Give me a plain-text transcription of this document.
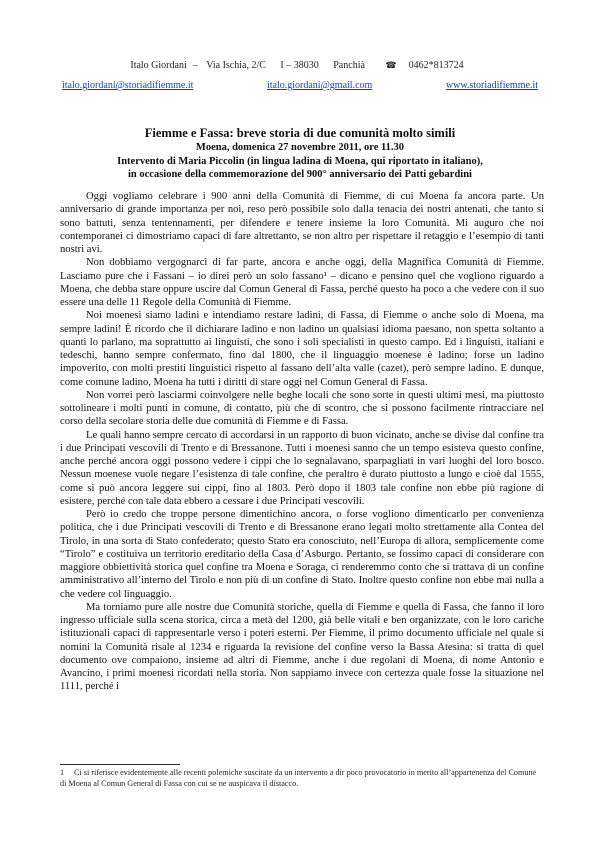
Italo Giordani – Via Ischia, 2/C I – 38030 Panchià ☎ 0462*813724
italo.giordani@storiadifiemme.it	italo.giordani@gmail.com	www.storiadifiemme.it
Fiemme e Fassa: breve storia di due comunità molto simili
Moena, domenica 27 novembre 2011, ore 11.30
Intervento di Maria Piccolin (in lingua ladina di Moena, qui riportato in italiano),
in occasione della commemorazione del 900° anniversario dei Patti gebardini

Oggi vogliamo celebrare i 900 anni della Comunità di Fiemme, di cui Moena fa ancora parte. Un anniversario di grande importanza per noi, reso però possibile solo dalla tenacia dei nostri antenati, che tanto si sono battuti, senza tentennamenti, per difendere e tenere insieme la loro Comunità. Mi auguro che noi contemporanei ci dimostriamo capaci di fare altrettanto, se non altro per rispettare il retaggio e l’esempio di tanti nostri avi.

Non dobbiamo vergognarci di far parte, ancora e anche oggi, della Magnifica Comunità di Fiemme. Lasciamo pure che i Fassani – io direi però un solo fassano¹ – dicano e pensino quel che vogliono riguardo a Moena, che debba stare oppure uscire dal Comun General di Fassa, perché questo ha poco a che vedere con il suo essere una delle 11 Regole della Comunità di Fiemme.

Noi moenesi siamo ladini e intendiamo restare ladini, di Fassa, di Fiemme o anche solo di Moena, ma sempre ladini! È ricordo che il dichiarare ladino e non ladino un qualsiasi idioma paesano, non spetta soltanto a quanti lo parlano, ma soprattutto ai linguisti, che sono i soli specialisti in questo campo. Ed i linguisti, italiani e tedeschi, hanno sempre confermato, fino dal 1800, che il linguaggio moenese è ladino; forse un ladino impoverito, con molti prestiti linguistici rispetto al fassano dell’alta valle (cazet), però sempre ladino. E dunque, come comune ladino, Moena ha tutti i diritti di stare oggi nel Comun General di Fassa.

Non vorrei però lasciarmi coinvolgere nelle beghe locali che sono sorte in questi ultimi mesi, ma piuttosto sottolineare i molti punti in comune, di contatto, più che di scontro, che si possono facilmente rintracciare nel corso della secolare storia delle due comunità di Fiemme e di Fassa.

Le quali hanno sempre cercato di accordarsi in un rapporto di buon vicinato, anche se divise dal confine tra i due Principati vescovili di Trento e di Bressanone. Tutti i moenesi sanno che un tempo esisteva questo confine, anche perché ancora oggi possono vedere i cippi che lo segnalavano, sparpagliati in vari luoghi del loro bosco. Nessun moenese vuole negare l’esistenza di tale confine, che peraltro è durato piuttosto a lungo e cioè dal 1555, come si può ancora leggere sui cippi, fino al 1803. Però dopo il 1803 tale confine non ebbe più ragione di esistere, perché con tale data ebbero a cessare i due Principati vescovili.

Però io credo che troppe persone dimentichino ancora, o forse vogliono dimenticarlo per convenienza politica, che i due Principati vescovili di Trento e di Bressanone erano legati molto strettamente alla Contea del Tirolo, in una sorta di Stato confederato; questo Stato era conosciuto, nell’Europa di allora, semplicemente come “Tirolo” e costituiva un territorio ereditario della Casa d’Asburgo. Pertanto, se fossimo capaci di considerare con maggiore obbiettività storica quel confine tra Moena e Soraga, ci renderemmo conto che si trattava di un confine amministrativo all’interno del Tirolo e non più di un confine di Stato. Inoltre questo confine non ebbe mai nulla a che vedere col linguaggio.

Ma torniamo pure alle nostre due Comunità storiche, quella di Fiemme e quella di Fassa, che fanno il loro ingresso ufficiale sulla scena storica, circa a metà del 1200, già belle vitali e ben organizzate, con le loro cariche istituzionali capaci di rappresentarle verso i poteri esterni. Per Fiemme, il primo documento ufficiale nel quale si nomini la Comunità risale al 1234 e riguarda la revisione del confine verso la Bassa Atesina: si tratta di quel documento ove compaiono, insieme ad altri di Fiemme, anche i due regolani di Moena, di nome Antonio e Avancino, i primi moenesi ricordati nella storia. Non sappiamo invece con certezza quale fosse la situazione nel 1111, perché i

1 Ci si riferisce evidentemente alle recenti polemiche suscitate da un intervento a dir poco provocatorio in merito all’appartenenza del Comune di Moena al Comun General di Fassa con cui se ne auspicava il distacco.
